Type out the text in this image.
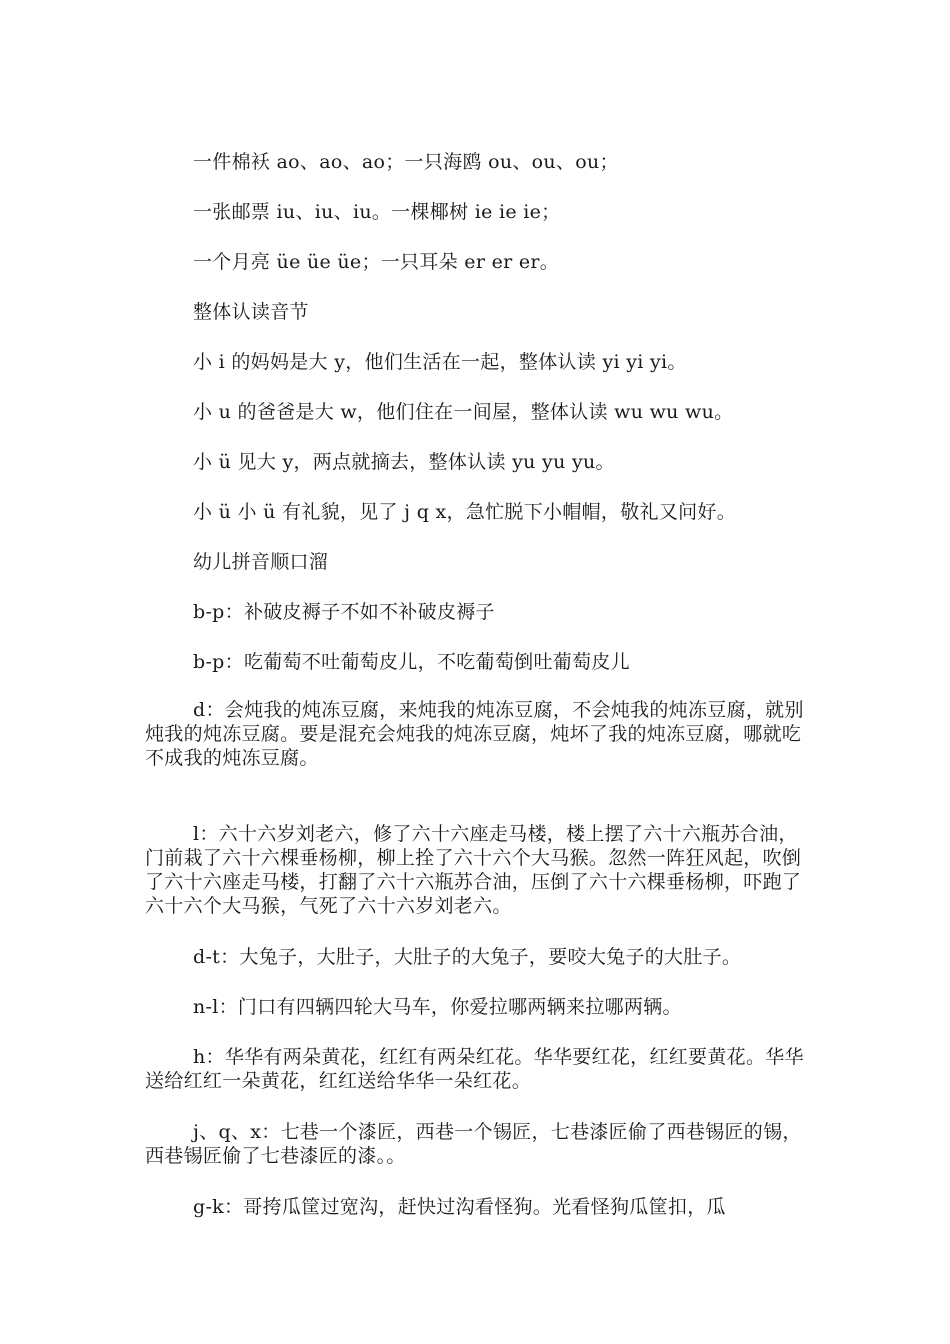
一件棉袄 ao、ao、ao；一只海鸥 ou、ou、ou；

一张邮票 iu、iu、iu。一棵椰树 ie ie ie；

一个月亮 üe üe üe；一只耳朵 er er er。

整体认读音节

小 i 的妈妈是大 y，他们生活在一起，整体认读 yi yi yi。

小 u 的爸爸是大 w，他们住在一间屋，整体认读 wu wu wu。

小 ü 见大 y，两点就摘去，整体认读 yu yu yu。

小 ü 小 ü 有礼貌，见了 j q x，急忙脱下小帽帽，敬礼又问好。

幼儿拼音顺口溜

b-p：补破皮褥子不如不补破皮褥子

b-p：吃葡萄不吐葡萄皮儿，不吃葡萄倒吐葡萄皮儿

d：会炖我的炖冻豆腐，来炖我的炖冻豆腐，不会炖我的炖冻豆腐，就别炖我的炖冻豆腐。要是混充会炖我的炖冻豆腐，炖坏了我的炖冻豆腐，哪就吃不成我的炖冻豆腐。

l：六十六岁刘老六，修了六十六座走马楼，楼上摆了六十六瓶苏合油，门前栽了六十六棵垂杨柳，柳上拴了六十六个大马猴。忽然一阵狂风起，吹倒了六十六座走马楼，打翻了六十六瓶苏合油，压倒了六十六棵垂杨柳，吓跑了六十六个大马猴，气死了六十六岁刘老六。

d-t：大兔子，大肚子，大肚子的大兔子，要咬大兔子的大肚子。

n-l：门口有四辆四轮大马车，你爱拉哪两辆来拉哪两辆。

h：华华有两朵黄花，红红有两朵红花。华华要红花，红红要黄花。华华送给红红一朵黄花，红红送给华华一朵红花。

j、q、x：七巷一个漆匠，西巷一个锡匠，七巷漆匠偷了西巷锡匠的锡，西巷锡匠偷了七巷漆匠的漆。。

g-k：哥挎瓜筐过宽沟，赶快过沟看怪狗。光看怪狗瓜筐扣，瓜
